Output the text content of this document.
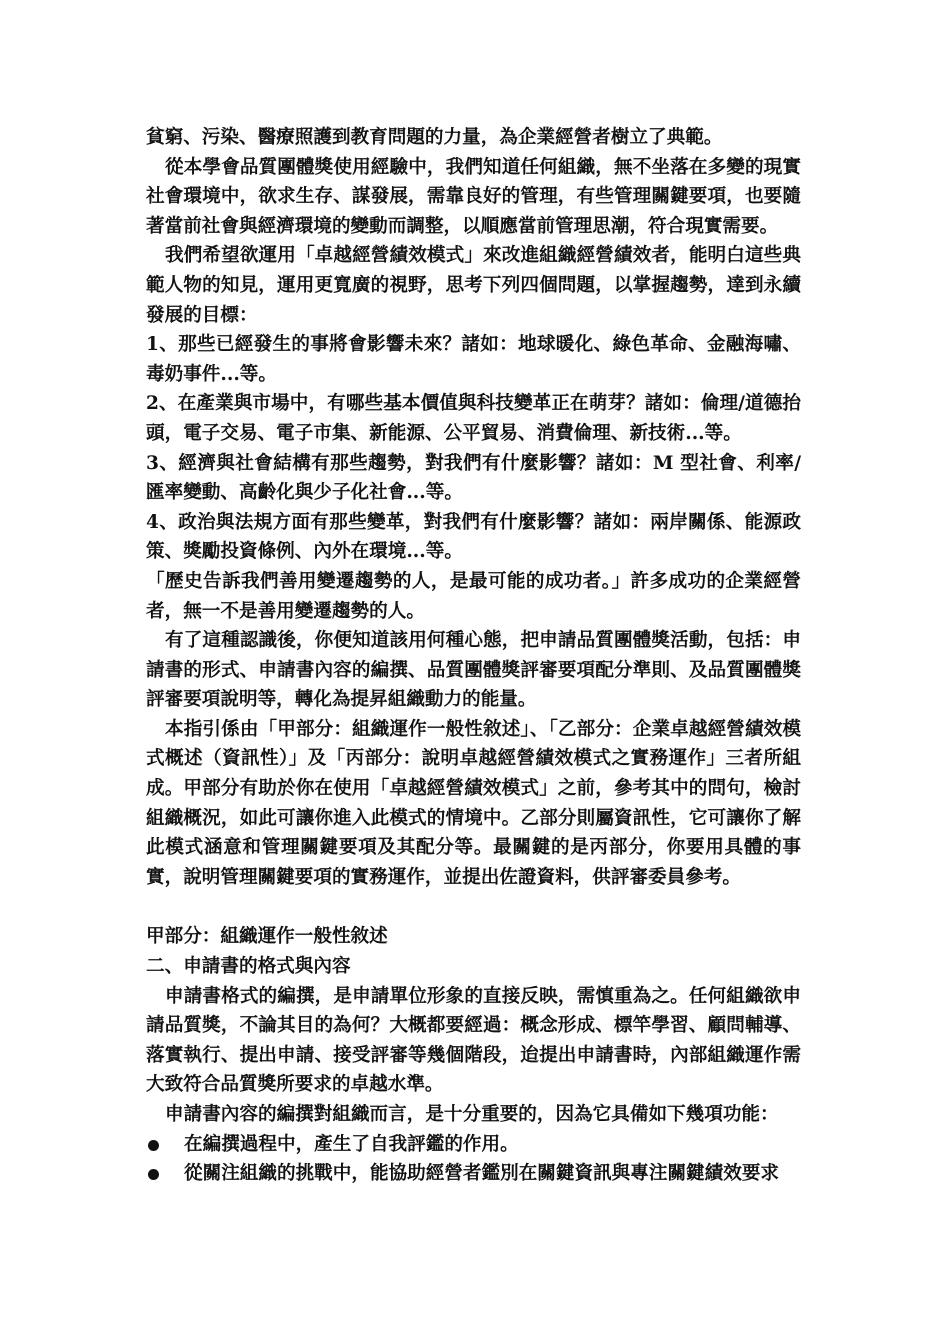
貧窮、污染、醫療照護到教育問題的力量，為企業經營者樹立了典範。

從本學會品質團體獎使用經驗中，我們知道任何組織，無不坐落在多變的現實社會環境中，欲求生存、謀發展，需靠良好的管理，有些管理關鍵要項，也要隨著當前社會與經濟環境的變動而調整，以順應當前管理思潮，符合現實需要。

我們希望欲運用「卓越經營績效模式」來改進組織經營績效者，能明白這些典範人物的知見，運用更寬廣的視野，思考下列四個問題，以掌握趨勢，達到永續發展的目標：

1、那些已經發生的事將會影響未來？諸如：地球暖化、綠色革命、金融海嘯、毒奶事件...等。

2、在產業與市場中，有哪些基本價值與科技變革正在萌芽？諸如：倫理/道德抬頭，電子交易、電子市集、新能源、公平貿易、消費倫理、新技術...等。

3、經濟與社會結構有那些趨勢，對我們有什麼影響？諸如：M 型社會、利率/匯率變動、高齡化與少子化社會...等。

4、政治與法規方面有那些變革，對我們有什麼影響？諸如：兩岸關係、能源政策、獎勵投資條例、內外在環境...等。

「歷史告訴我們善用變遷趨勢的人，是最可能的成功者。」許多成功的企業經營者，無一不是善用變遷趨勢的人。

有了這種認識後，你便知道該用何種心態，把申請品質團體獎活動，包括：申請書的形式、申請書內容的編撰、品質團體獎評審要項配分準則、及品質團體獎評審要項說明等，轉化為提昇組織動力的能量。

本指引係由「甲部分：組織運作一般性敘述」、「乙部分：企業卓越經營績效模式概述（資訊性）」及「丙部分：說明卓越經營績效模式之實務運作」三者所組成。甲部分有助於你在使用「卓越經營績效模式」之前，參考其中的問句，檢討組織概況，如此可讓你進入此模式的情境中。乙部分則屬資訊性，它可讓你了解此模式涵意和管理關鍵要項及其配分等。最關鍵的是丙部分，你要用具體的事實，說明管理關鍵要項的實務運作，並提出佐證資料，供評審委員參考。

甲部分：組織運作一般性敘述

二、申請書的格式與內容

申請書格式的編撰，是申請單位形象的直接反映，需慎重為之。任何組織欲申請品質獎，不論其目的為何？大概都要經過：概念形成、標竿學習、顧問輔導、落實執行、提出申請、接受評審等幾個階段，迨提出申請書時，內部組織運作需大致符合品質獎所要求的卓越水準。

申請書內容的編撰對組織而言，是十分重要的，因為它具備如下幾項功能：

在編撰過程中，產生了自我評鑑的作用。

從關注組織的挑戰中，能協助經營者鑑別在關鍵資訊與專注關鍵績效要求
